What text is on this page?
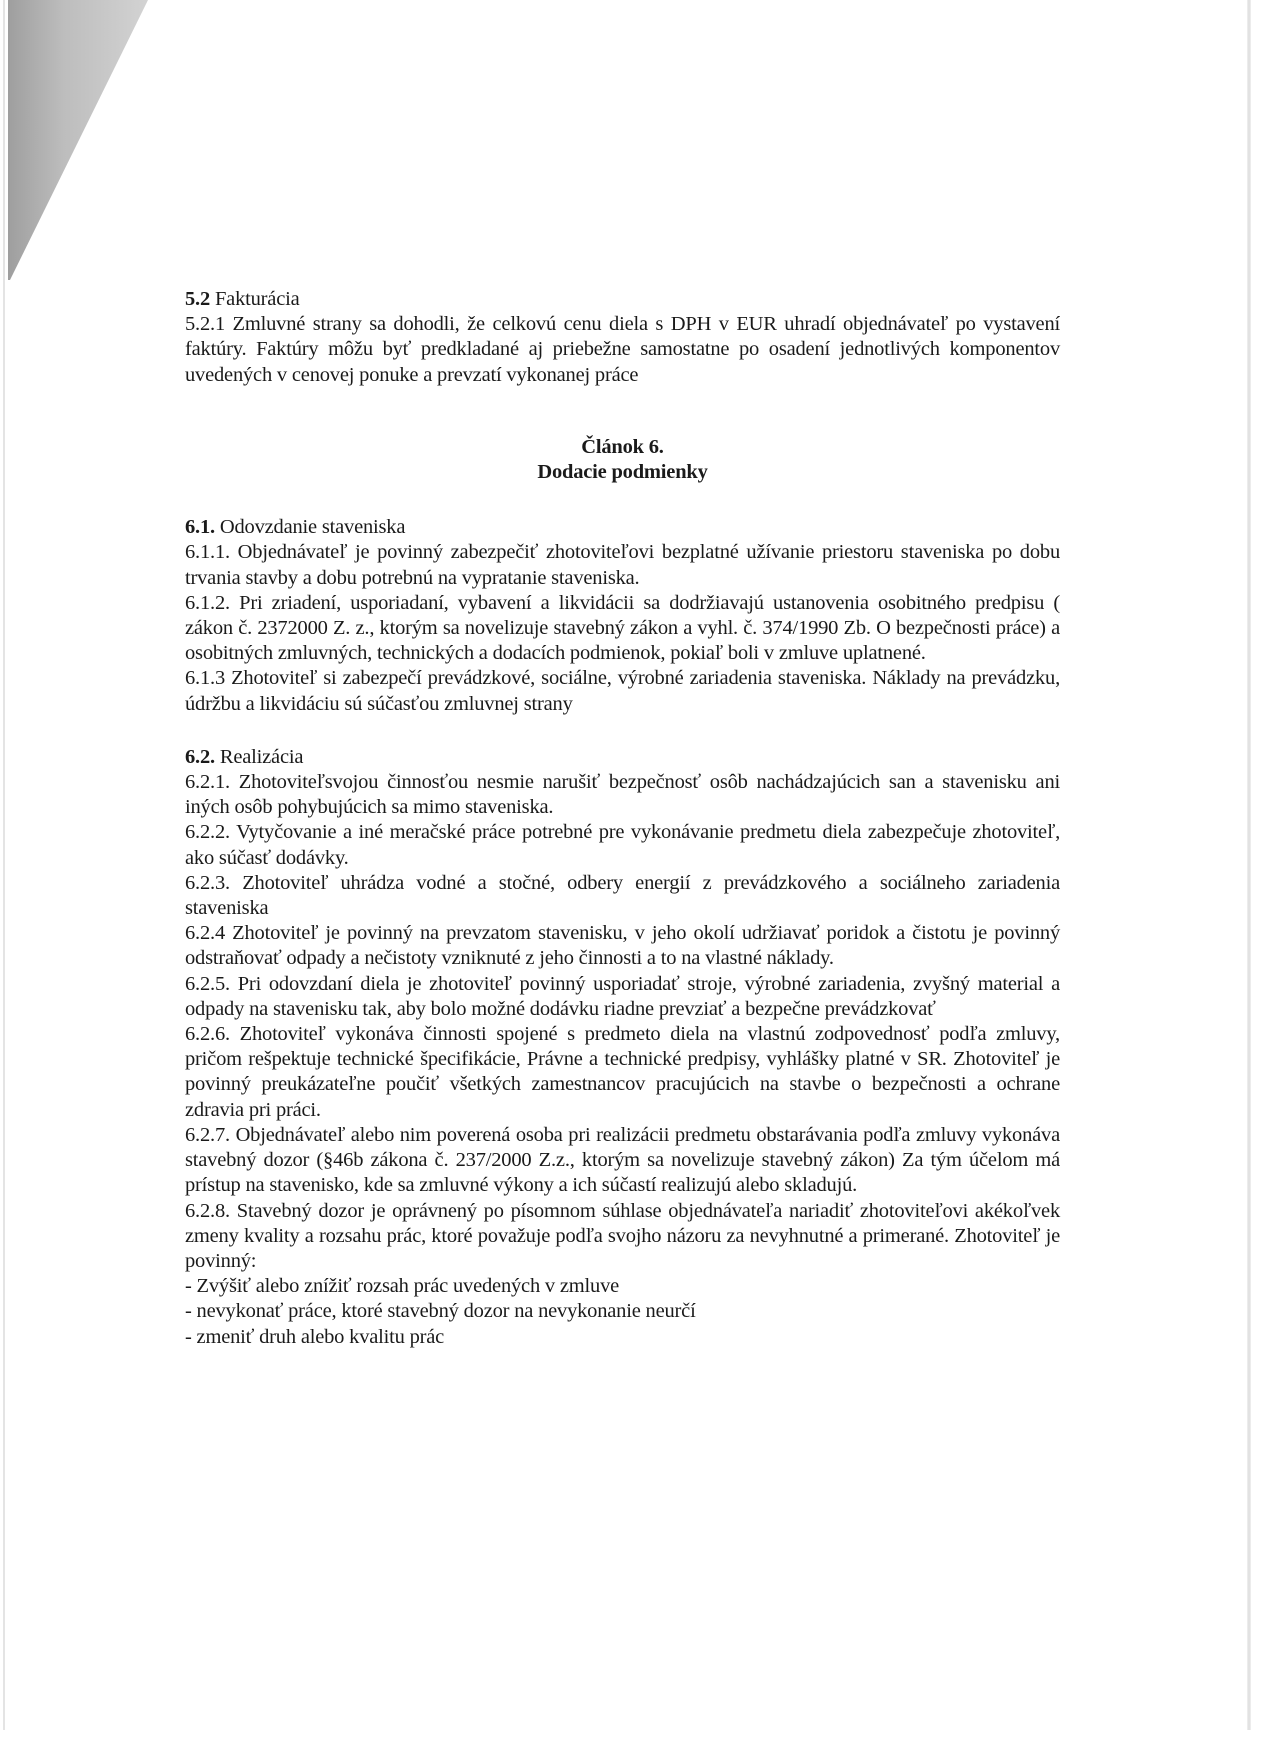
5.2 Fakturácia

5.2.1 Zmluvné strany sa dohodli, že celkovú cenu diela s DPH v EUR uhradí objednávateľ po vystavení faktúry. Faktúry môžu byť predkladané aj priebežne samostatne po osadení jednotlivých komponentov uvedených v cenovej ponuke a prevzatí vykonanej práce

Článok 6.

Dodacie podmienky

6.1. Odovzdanie staveniska

6.1.1. Objednávateľ je povinný zabezpečiť zhotoviteľovi bezplatné užívanie priestoru staveniska po dobu trvania stavby a dobu potrebnú na vypratanie staveniska.

6.1.2. Pri zriadení, usporiadaní, vybavení a likvidácii sa dodržiavajú ustanovenia osobitného predpisu ( zákon č. 2372000 Z. z., ktorým sa novelizuje stavebný zákon a vyhl. č. 374/1990 Zb. O bezpečnosti práce) a osobitných zmluvných, technických a dodacích podmienok, pokiaľ boli v zmluve uplatnené.

6.1.3 Zhotoviteľ si zabezpečí prevádzkové, sociálne, výrobné zariadenia staveniska. Náklady na prevádzku, údržbu a likvidáciu sú súčasťou zmluvnej strany

6.2. Realizácia

6.2.1. Zhotoviteľsvojou činnosťou nesmie narušiť bezpečnosť osôb nachádzajúcich san a stavenisku ani iných osôb pohybujúcich sa mimo staveniska.

6.2.2. Vytyčovanie a iné meračské práce potrebné pre vykonávanie predmetu diela zabezpečuje zhotoviteľ, ako súčasť dodávky.

6.2.3. Zhotoviteľ uhrádza vodné a stočné, odbery energií z prevádzkového a sociálneho zariadenia staveniska

6.2.4 Zhotoviteľ je povinný na prevzatom stavenisku, v jeho okolí udržiavať poridok a čistotu je povinný odstraňovať odpady a nečistoty vzniknuté z jeho činnosti a to na vlastné náklady.

6.2.5. Pri odovzdaní diela je zhotoviteľ povinný usporiadať stroje, výrobné zariadenia, zvyšný material a odpady na stavenisku tak, aby bolo možné dodávku riadne prevziať a bezpečne prevádzkovať

6.2.6. Zhotoviteľ vykonáva činnosti spojené s predmeto diela na vlastnú zodpovednosť podľa zmluvy, pričom rešpektuje technické špecifikácie, Právne a technické predpisy, vyhlášky platné v SR. Zhotoviteľ je povinný preukázateľne poučiť všetkých zamestnancov pracujúcich na stavbe o bezpečnosti a ochrane zdravia pri práci.

6.2.7. Objednávateľ alebo nim poverená osoba pri realizácii predmetu obstarávania podľa zmluvy vykonáva stavebný dozor (§46b zákona č. 237/2000 Z.z., ktorým sa novelizuje stavebný zákon) Za tým účelom má prístup na stavenisko, kde sa zmluvné výkony a ich súčastí realizujú alebo skladujú.

6.2.8. Stavebný dozor je oprávnený po písomnom súhlase objednávateľa nariadiť zhotoviteľovi akékoľvek zmeny kvality a rozsahu prác, ktoré považuje podľa svojho názoru za nevyhnutné a primerané. Zhotoviteľ je povinný:

- Zvýšiť alebo znížiť rozsah prác uvedených v zmluve

- nevykonať práce, ktoré stavebný dozor na nevykonanie neurčí

- zmeniť druh alebo kvalitu prác
